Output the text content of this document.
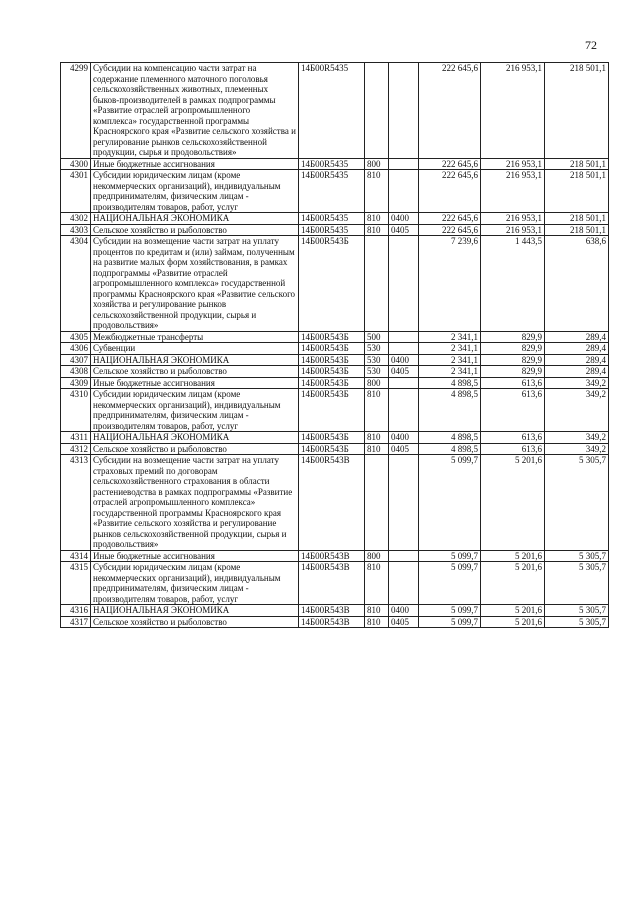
72
4299	Субсидии на компенсацию части затрат на содержание племенного маточного поголовья сельскохозяйственных животных, племенных быков-производителей в рамках подпрограммы «Развитие отраслей агропромышленного комплекса» государственной программы Красноярского края «Развитие сельского хозяйства и регулирование рынков сельскохозяйственной продукции, сырья и продовольствия»	14Б00R5435			222 645,6	216 953,1	218 501,1
4300	Иные бюджетные ассигнования	14Б00R5435	800		222 645,6	216 953,1	218 501,1
4301	Субсидии юридическим лицам (кроме некоммерческих организаций), индивидуальным предпринимателям, физическим лицам - производителям товаров, работ, услуг	14Б00R5435	810		222 645,6	216 953,1	218 501,1
4302	НАЦИОНАЛЬНАЯ ЭКОНОМИКА	14Б00R5435	810	0400	222 645,6	216 953,1	218 501,1
4303	Сельское хозяйство и рыболовство	14Б00R5435	810	0405	222 645,6	216 953,1	218 501,1
4304	Субсидии на возмещение части затрат на уплату процентов по кредитам и (или) займам, полученным на развитие малых форм хозяйствования, в рамках подпрограммы «Развитие отраслей агропромышленного комплекса» государственной программы Красноярского края «Развитие сельского хозяйства и регулирование рынков сельскохозяйственной продукции, сырья и продовольствия»	14Б00R543Б			7 239,6	1 443,5	638,6
4305	Межбюджетные трансферты	14Б00R543Б	500		2 341,1	829,9	289,4
4306	Субвенции	14Б00R543Б	530		2 341,1	829,9	289,4
4307	НАЦИОНАЛЬНАЯ ЭКОНОМИКА	14Б00R543Б	530	0400	2 341,1	829,9	289,4
4308	Сельское хозяйство и рыболовство	14Б00R543Б	530	0405	2 341,1	829,9	289,4
4309	Иные бюджетные ассигнования	14Б00R543Б	800		4 898,5	613,6	349,2
4310	Субсидии юридическим лицам (кроме некоммерческих организаций), индивидуальным предпринимателям, физическим лицам - производителям товаров, работ, услуг	14Б00R543Б	810		4 898,5	613,6	349,2
4311	НАЦИОНАЛЬНАЯ ЭКОНОМИКА	14Б00R543Б	810	0400	4 898,5	613,6	349,2
4312	Сельское хозяйство и рыболовство	14Б00R543Б	810	0405	4 898,5	613,6	349,2
4313	Субсидии на возмещение части затрат на уплату страховых премий по договорам сельскохозяйственного страхования в области растениеводства в рамках подпрограммы «Развитие отраслей агропромышленного комплекса» государственной программы Красноярского края «Развитие сельского хозяйства и регулирование рынков сельскохозяйственной продукции, сырья и продовольствия»	14Б00R543В			5 099,7	5 201,6	5 305,7
4314	Иные бюджетные ассигнования	14Б00R543В	800		5 099,7	5 201,6	5 305,7
4315	Субсидии юридическим лицам (кроме некоммерческих организаций), индивидуальным предпринимателям, физическим лицам - производителям товаров, работ, услуг	14Б00R543В	810		5 099,7	5 201,6	5 305,7
4316	НАЦИОНАЛЬНАЯ ЭКОНОМИКА	14Б00R543В	810	0400	5 099,7	5 201,6	5 305,7
4317	Сельское хозяйство и рыболовство	14Б00R543В	810	0405	5 099,7	5 201,6	5 305,7
